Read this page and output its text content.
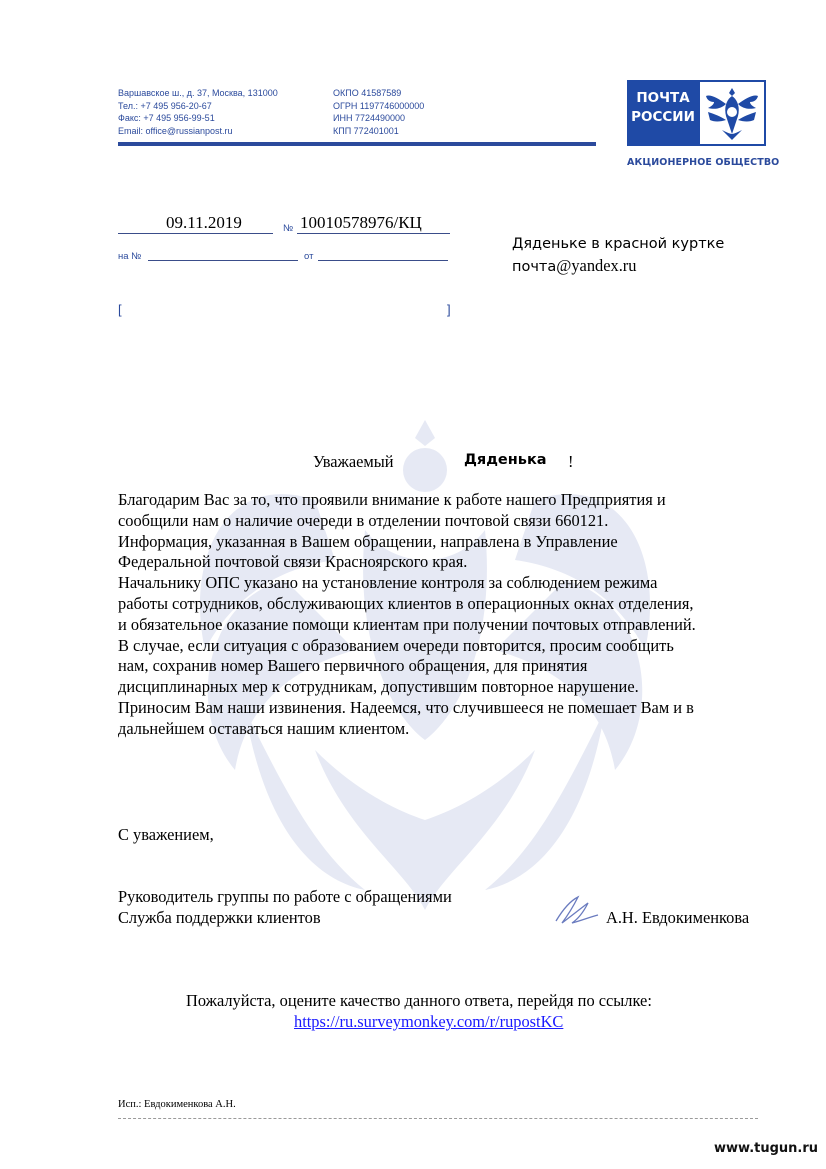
Варшавское ш., д. 37, Москва, 131000
Тел.: +7 495 956-20-67
Факс: +7 495 956-99-51
Email: office@russianpost.ru
ОКПО 41587589
ОГРН 1197746000000
ИНН 7724490000
КПП 772401001
ПОЧТА
РОССИИ
АКЦИОНЕРНОЕ ОБЩЕСТВО
09.11.2019	№ 10010578976/КЦ
на №	от
[	]
Дяденьке в красной куртке
почта@yandex.ru
Уважаемый	Дяденька !

Благодарим Вас за то, что проявили внимание к работе нашего Предприятия и

сообщили нам о наличие очереди в отделении почтовой связи 660121.

Информация, указанная в Вашем обращении, направлена в Управление

Федеральной почтовой связи Красноярского края.

Начальнику ОПС указано на установление контроля за соблюдением режима

работы сотрудников, обслуживающих клиентов в операционных окнах отделения,

и обязательное оказание помощи клиентам при получении почтовых отправлений.

В случае, если ситуация с образованием очереди повторится, просим сообщить

нам, сохранив номер Вашего первичного обращения, для принятия

дисциплинарных мер к сотрудникам, допустившим повторное нарушение.

Приносим Вам наши извинения. Надеемся, что случившееся не помешает Вам и в

дальнейшем оставаться нашим клиентом.

С уважением,
Руководитель группы по работе с обращениями
Служба поддержки клиентов	А.Н. Евдокименкова
Пожалуйста, оцените качество данного ответа, перейдя по ссылке:
https://ru.surveymonkey.com/r/rupostKC
Исп.: Евдокименкова А.Н.
www.tugun.ru
